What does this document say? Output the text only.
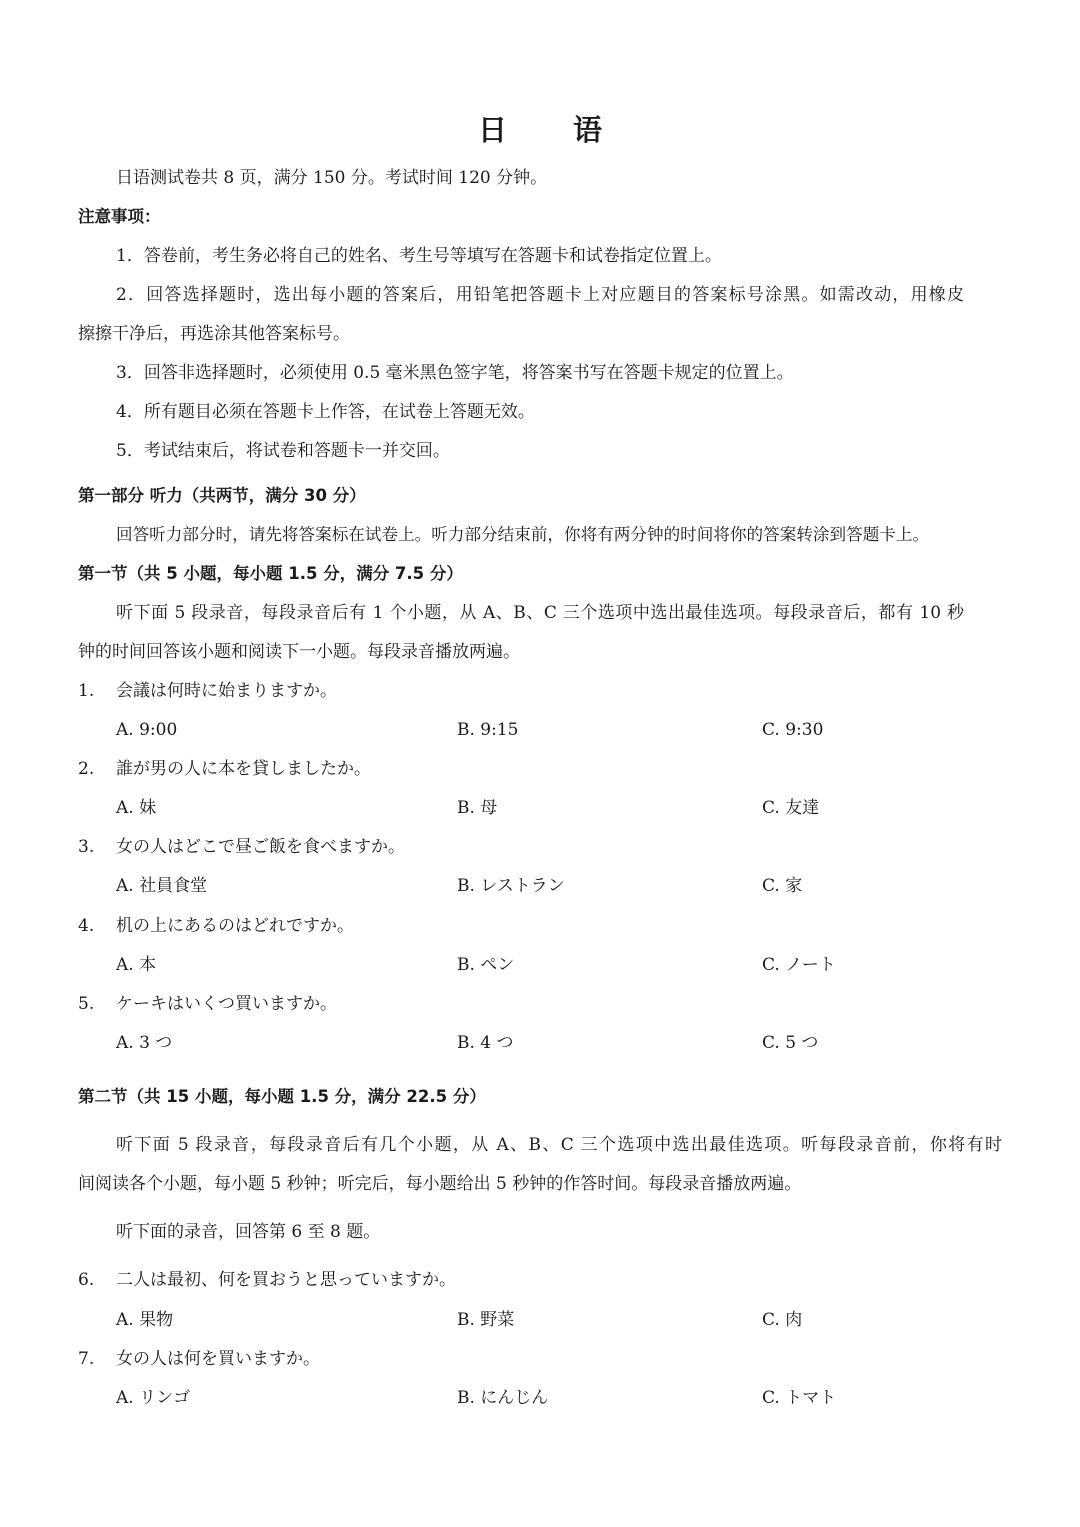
日 语
日语测试卷共 8 页，满分 150 分。考试时间 120 分钟。
注意事项：
1．答卷前，考生务必将自己的姓名、考生号等填写在答题卡和试卷指定位置上。
2．回答选择题时，选出每小题的答案后，用铅笔把答题卡上对应题目的答案标号涂黑。如需改动，用橡皮
擦擦干净后，再选涂其他答案标号。
3．回答非选择题时，必须使用 0.5 毫米黑色签字笔，将答案书写在答题卡规定的位置上。
4．所有题目必须在答题卡上作答，在试卷上答题无效。
5．考试结束后，将试卷和答题卡一并交回。
第一部分 听力（共两节，满分 30 分）
回答听力部分时，请先将答案标在试卷上。听力部分结束前，你将有两分钟的时间将你的答案转涂到答题卡上。
第一节（共 5 小题，每小题 1.5 分，满分 7.5 分）
听下面 5 段录音，每段录音后有 1 个小题，从 A、B、C 三个选项中选出最佳选项。每段录音后，都有 10 秒
钟的时间回答该小题和阅读下一小题。每段录音播放两遍。
1. 会議は何時に始まりますか。
A. 9:00	B. 9:15	C. 9:30
2. 誰が男の人に本を貸しましたか。
A. 妹	B. 母	C. 友達
3. 女の人はどこで昼ご飯を食べますか。
A. 社員食堂	B. レストラン	C. 家
4. 机の上にあるのはどれですか。
A. 本	B. ペン	C. ノート
5. ケーキはいくつ買いますか。
A. 3 つ	B. 4 つ	C. 5 つ
第二节（共 15 小题，每小题 1.5 分，满分 22.5 分）
听下面 5 段录音，每段录音后有几个小题，从 A、B、C 三个选项中选出最佳选项。听每段录音前，你将有时
间阅读各个小题，每小题 5 秒钟；听完后，每小题给出 5 秒钟的作答时间。每段录音播放两遍。
听下面的录音，回答第 6 至 8 题。
6. 二人は最初、何を買おうと思っていますか。
A. 果物	B. 野菜	C. 肉
7. 女の人は何を買いますか。
A. リンゴ	B. にんじん	C. トマト
